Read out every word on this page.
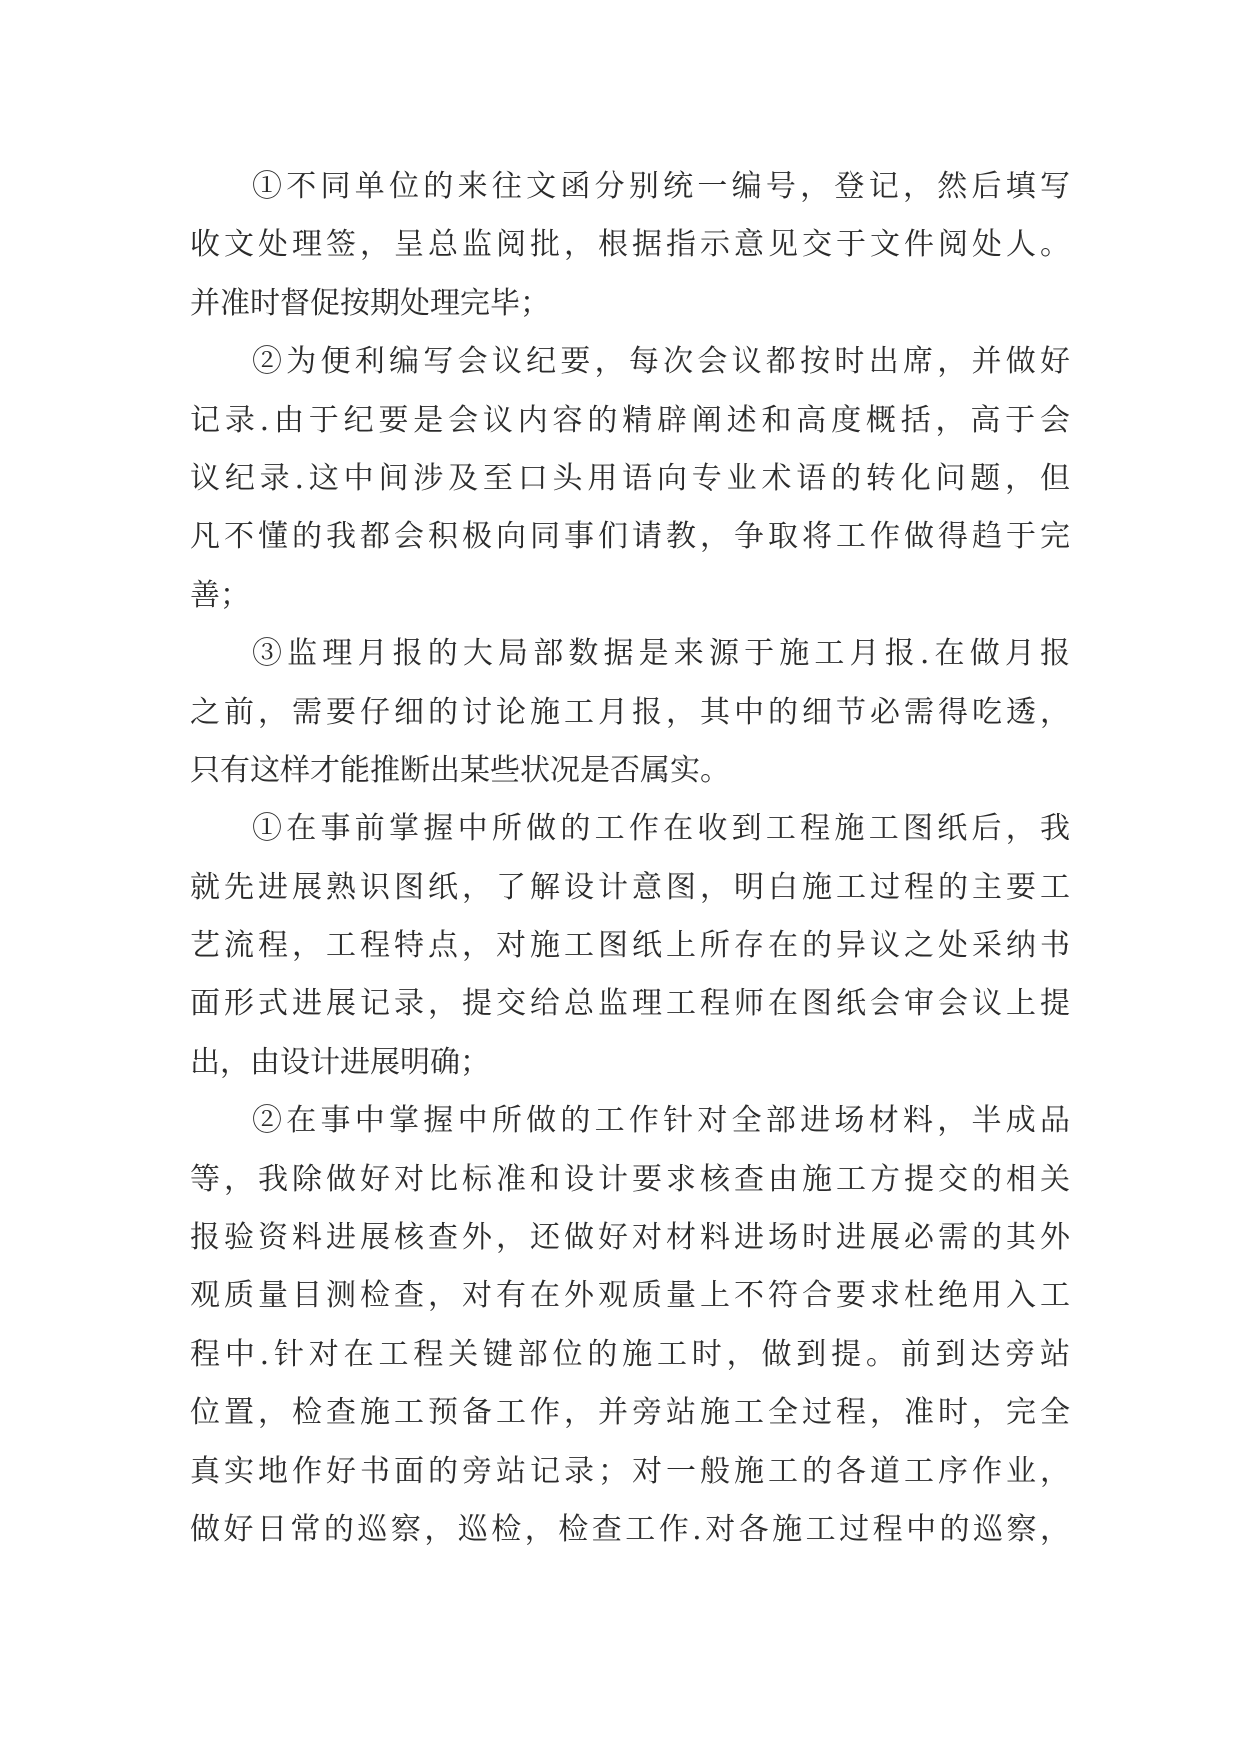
①不同单位的来往文函分别统一编号，登记，然后填写
收文处理签，呈总监阅批，根据指示意见交于文件阅处人。
并准时督促按期处理完毕；
②为便利编写会议纪要，每次会议都按时出席，并做好
记录.由于纪要是会议内容的精辟阐述和高度概括，高于会
议纪录.这中间涉及至口头用语向专业术语的转化问题，但
凡不懂的我都会积极向同事们请教，争取将工作做得趋于完
善；
③监理月报的大局部数据是来源于施工月报.在做月报
之前，需要仔细的讨论施工月报，其中的细节必需得吃透，
只有这样才能推断出某些状况是否属实。
①在事前掌握中所做的工作在收到工程施工图纸后，我
就先进展熟识图纸，了解设计意图，明白施工过程的主要工
艺流程，工程特点，对施工图纸上所存在的异议之处采纳书
面形式进展记录，提交给总监理工程师在图纸会审会议上提
出，由设计进展明确；
②在事中掌握中所做的工作针对全部进场材料，半成品
等，我除做好对比标准和设计要求核查由施工方提交的相关
报验资料进展核查外，还做好对材料进场时进展必需的其外
观质量目测检查，对有在外观质量上不符合要求杜绝用入工
程中.针对在工程关键部位的施工时，做到提。前到达旁站
位置，检查施工预备工作，并旁站施工全过程，准时，完全
真实地作好书面的旁站记录；对一般施工的各道工序作业，
做好日常的巡察，巡检，检查工作.对各施工过程中的巡察，
